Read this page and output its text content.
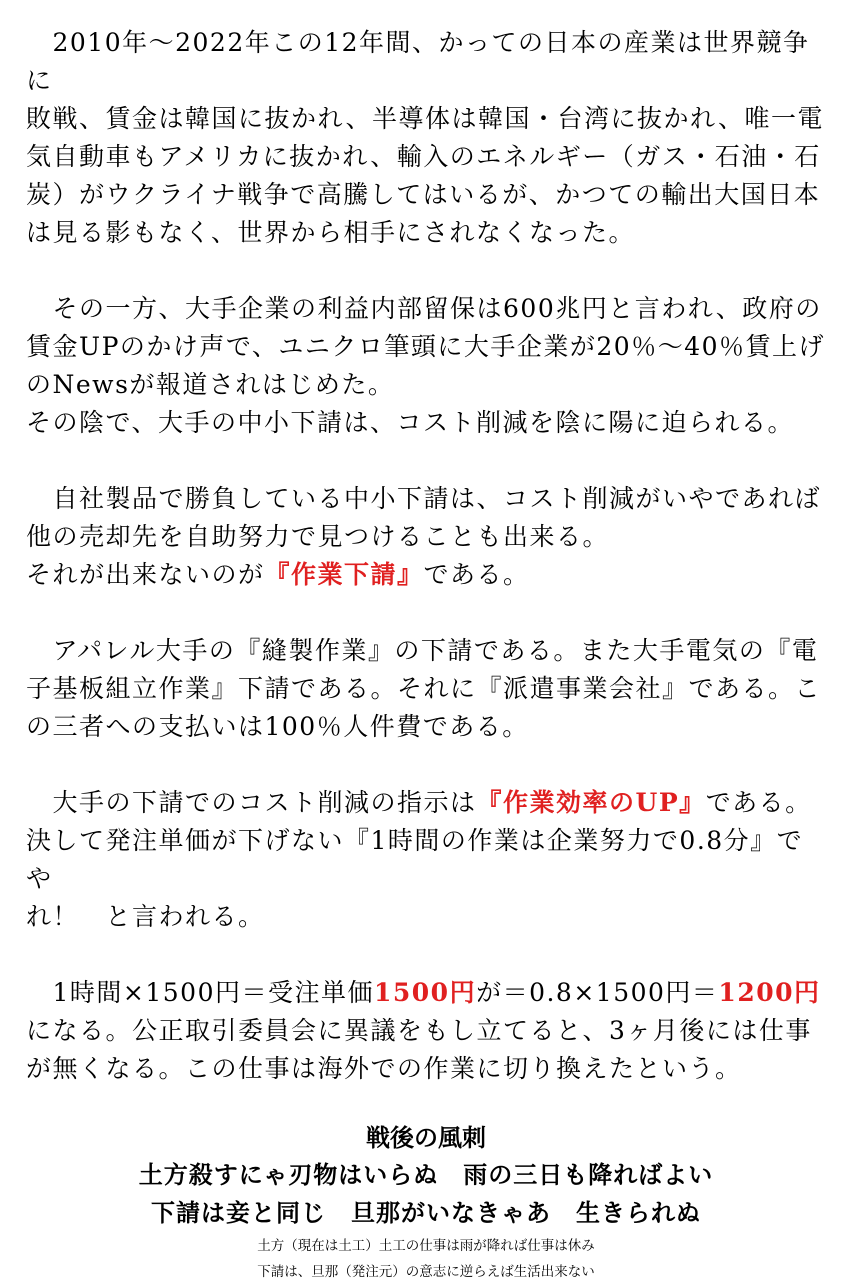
　2010年～2022年この12年間、かっての日本の産業は世界競争に

敗戦、賃金は韓国に抜かれ、半導体は韓国・台湾に抜かれ、唯一電

気自動車もアメリカに抜かれ、輸入のエネルギー（ガス・石油・石

炭）がウクライナ戦争で高騰してはいるが、かつての輸出大国日本

は見る影もなく、世界から相手にされなくなった。

　その一方、大手企業の利益内部留保は600兆円と言われ、政府の

賃金UPのかけ声で、ユニクロ筆頭に大手企業が20％～40％賃上げ

のNewsが報道されはじめた。

その陰で、大手の中小下請は、コスト削減を陰に陽に迫られる。

　自社製品で勝負している中小下請は、コスト削減がいやであれば

他の売却先を自助努力で見つけることも出来る。

それが出来ないのが『作業下請』である。

　アパレル大手の『縫製作業』の下請である。また大手電気の『電

子基板組立作業』下請である。それに『派遣事業会社』である。こ

の三者への支払いは100％人件費である。

　大手の下請でのコスト削減の指示は『作業効率のUP』である。

決して発注単価が下げない『1時間の作業は企業努力で0.8分』でや

れ！　と言われる。

　1時間×1500円＝受注単価1500円が＝0.8×1500円＝1200円

になる。公正取引委員会に異議をもし立てると、3ヶ月後には仕事

が無くなる。この仕事は海外での作業に切り換えたという。

戦後の風刺
土方殺すにゃ刃物はいらぬ　雨の三日も降ればよい
下請は妾と同じ　旦那がいなきゃあ　生きられぬ
土方（現在は土工）土工の仕事は雨が降れば仕事は休み
下請は、旦那（発注元）の意志に逆らえば生活出来ない
